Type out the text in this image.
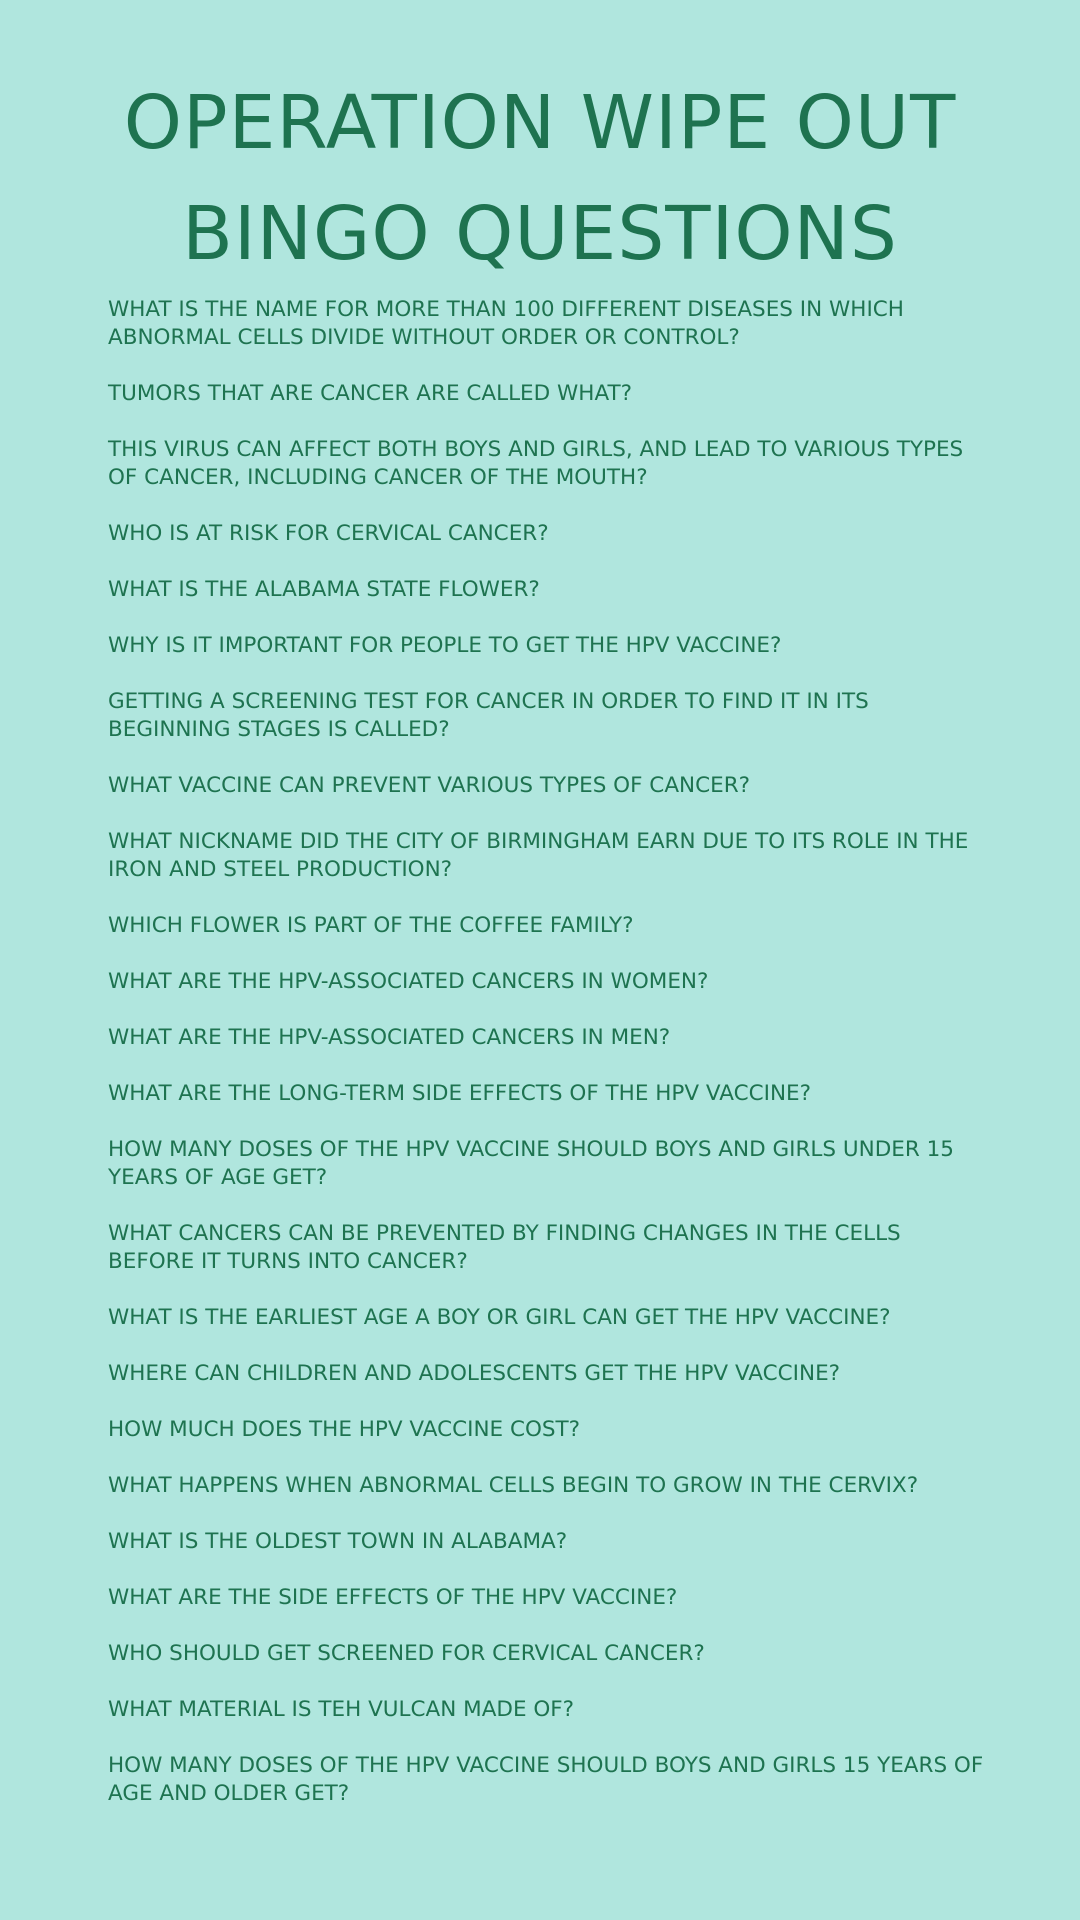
OPERATION WIPE OUT
BINGO QUESTIONS
WHAT IS THE NAME FOR MORE THAN 100 DIFFERENT DISEASES IN WHICH ABNORMAL CELLS DIVIDE WITHOUT ORDER OR CONTROL?
TUMORS THAT ARE CANCER ARE CALLED WHAT?
THIS VIRUS CAN AFFECT BOTH BOYS AND GIRLS, AND LEAD TO VARIOUS TYPES OF CANCER, INCLUDING CANCER OF THE MOUTH?
WHO IS AT RISK FOR CERVICAL CANCER?
WHAT IS THE ALABAMA STATE FLOWER?
WHY IS IT IMPORTANT FOR PEOPLE TO GET THE HPV VACCINE?
GETTING A SCREENING TEST FOR CANCER IN ORDER TO FIND IT IN ITS BEGINNING STAGES IS CALLED?
WHAT VACCINE CAN PREVENT VARIOUS TYPES OF CANCER?
WHAT NICKNAME DID THE CITY OF BIRMINGHAM EARN DUE TO ITS ROLE IN THE IRON AND STEEL PRODUCTION?
WHICH FLOWER IS PART OF THE COFFEE FAMILY?
WHAT ARE THE HPV-ASSOCIATED CANCERS IN WOMEN?
WHAT ARE THE HPV-ASSOCIATED CANCERS IN MEN?
WHAT ARE THE LONG-TERM SIDE EFFECTS OF THE HPV VACCINE?
HOW MANY DOSES OF THE HPV VACCINE SHOULD BOYS AND GIRLS UNDER 15 YEARS OF AGE GET?
WHAT CANCERS CAN BE PREVENTED BY FINDING CHANGES IN THE CELLS BEFORE IT TURNS INTO CANCER?
WHAT IS THE EARLIEST AGE A BOY OR GIRL CAN GET THE HPV VACCINE?
WHERE CAN CHILDREN AND ADOLESCENTS GET THE HPV VACCINE?
HOW MUCH DOES THE HPV VACCINE COST?
WHAT HAPPENS WHEN ABNORMAL CELLS BEGIN TO GROW IN THE CERVIX?
WHAT IS THE OLDEST TOWN IN ALABAMA?
WHAT ARE THE SIDE EFFECTS OF THE HPV VACCINE?
WHO SHOULD GET SCREENED FOR CERVICAL CANCER?
WHAT MATERIAL IS TEH VULCAN MADE OF?
HOW MANY DOSES OF THE HPV VACCINE SHOULD BOYS AND GIRLS 15 YEARS OF AGE AND OLDER GET?
